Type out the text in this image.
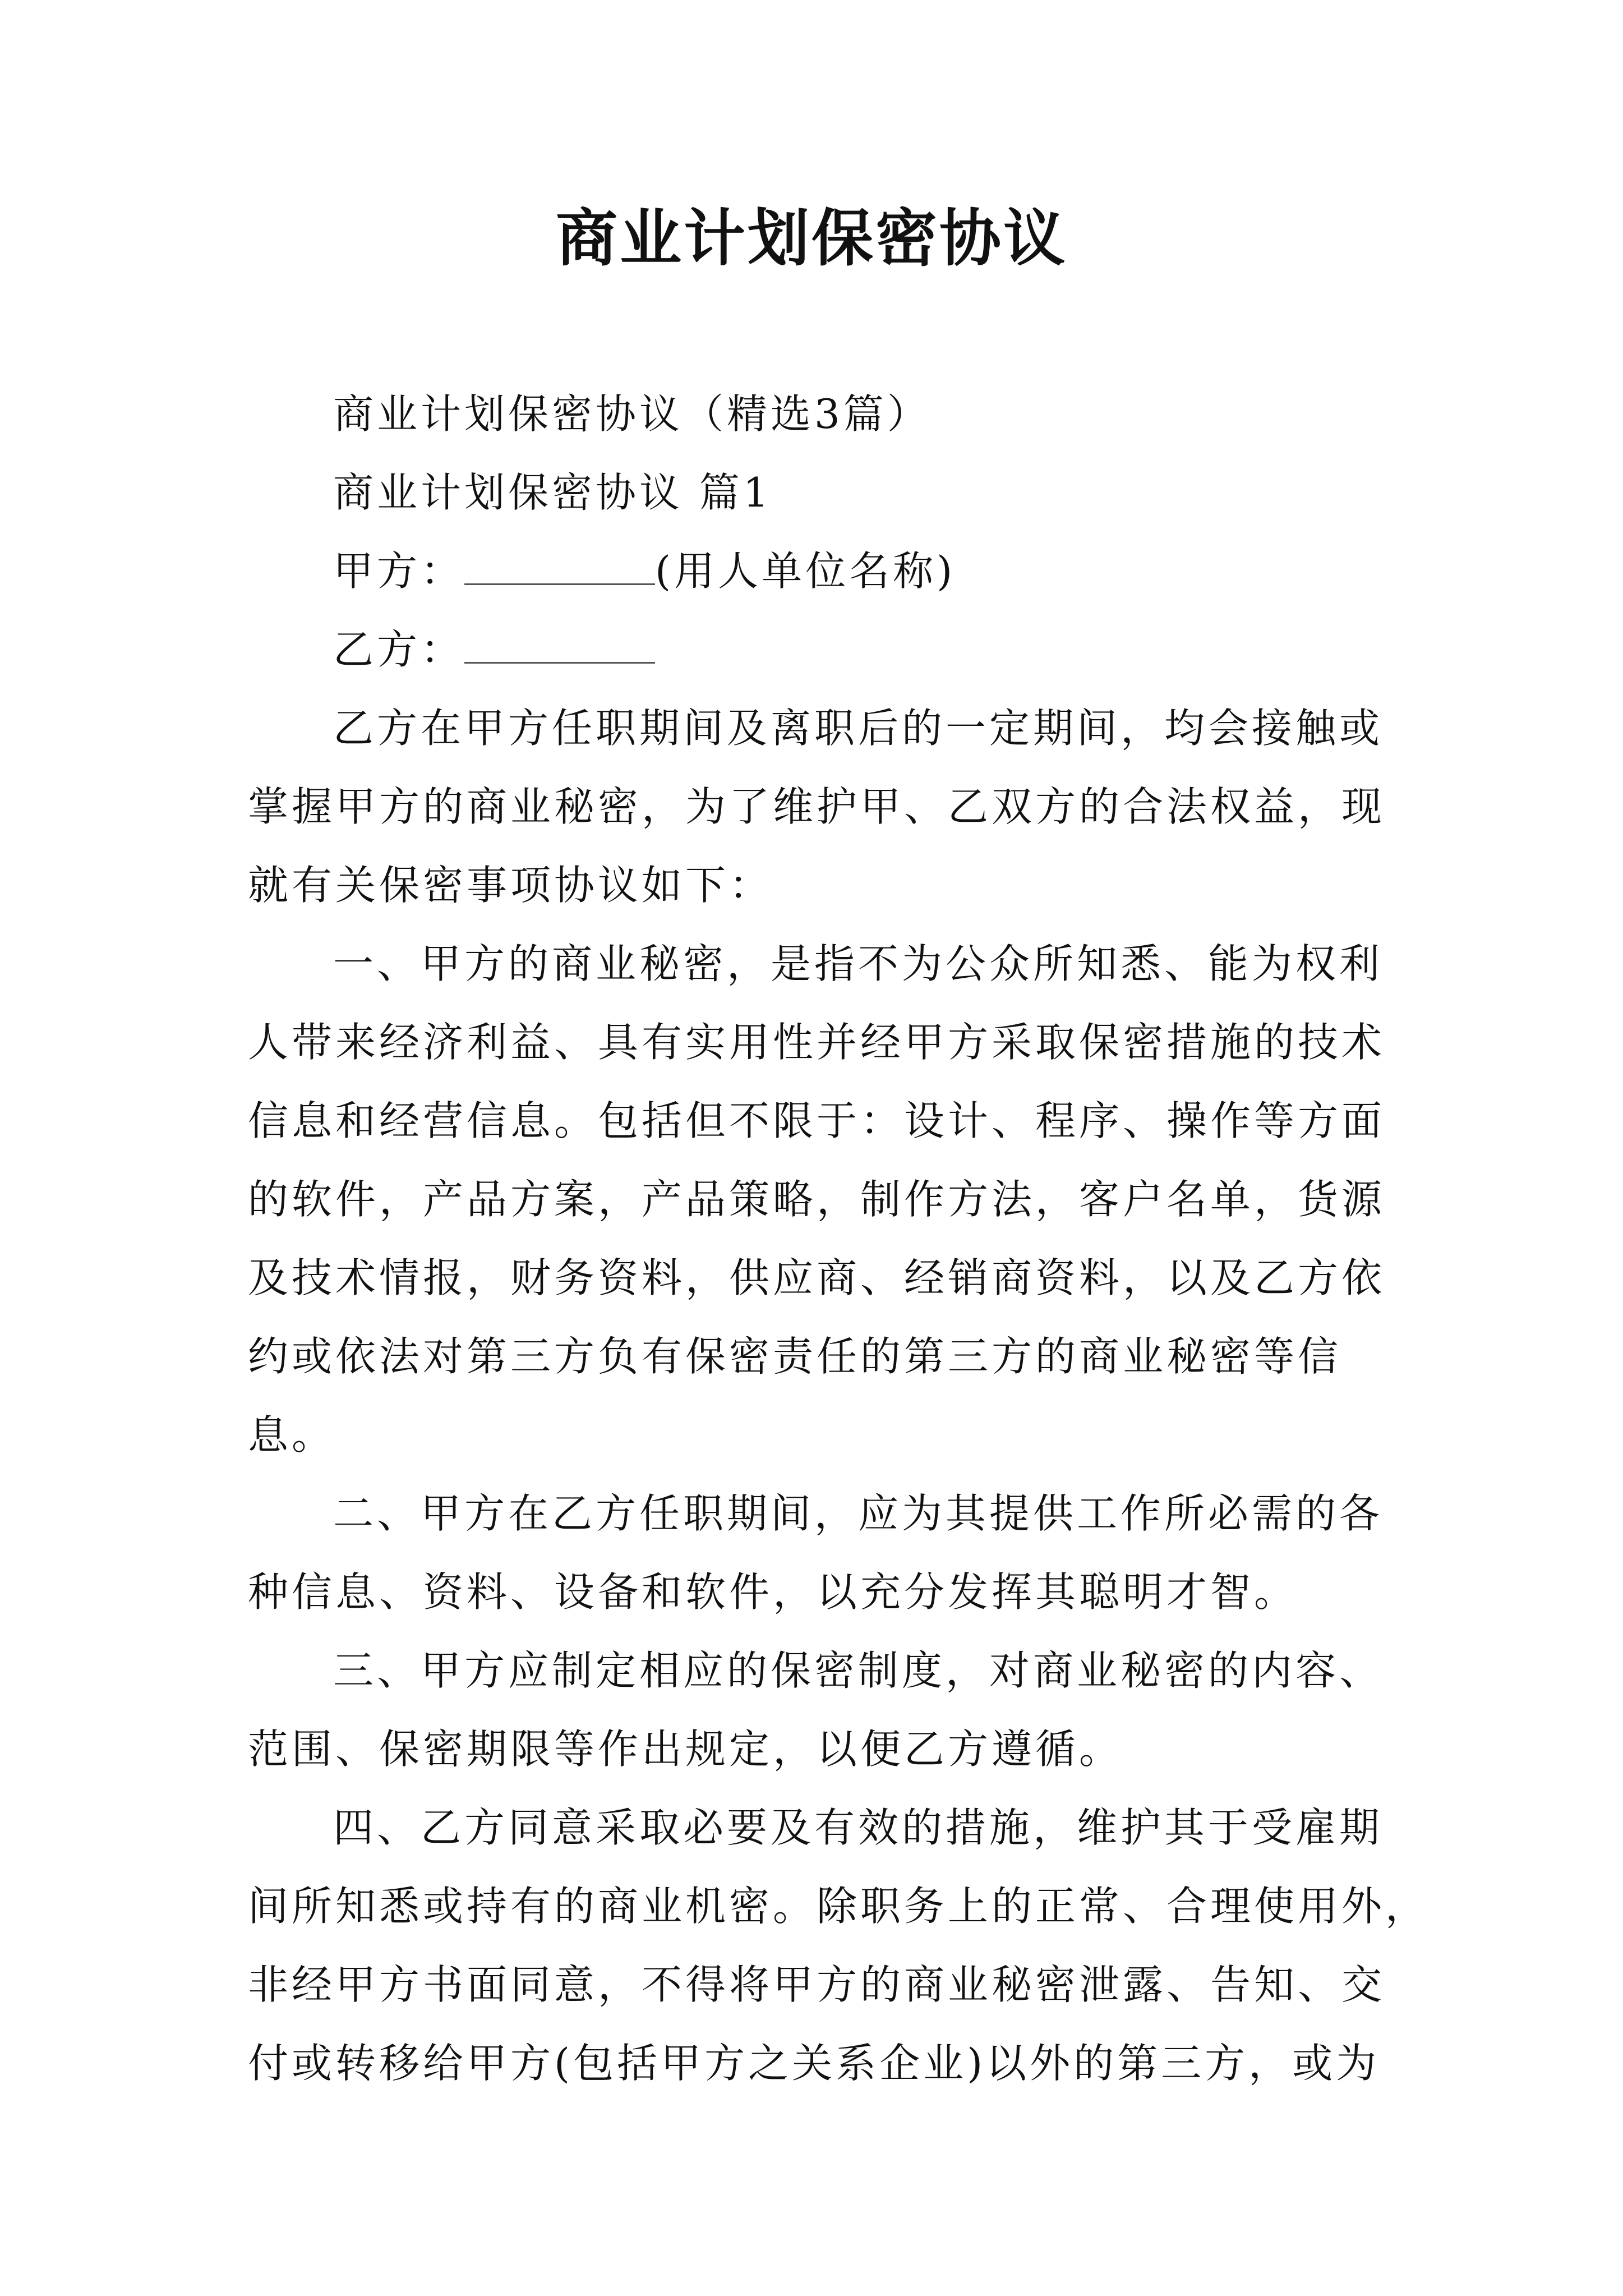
商业计划保密协议

商业计划保密协议（精选3篇）

商业计划保密协议 篇1

甲方：	(用人单位名称)

乙方：

乙方在甲方任职期间及离职后的一定期间，均会接触或

掌握甲方的商业秘密，为了维护甲、乙双方的合法权益，现

就有关保密事项协议如下：

一、甲方的商业秘密，是指不为公众所知悉、能为权利

人带来经济利益、具有实用性并经甲方采取保密措施的技术

信息和经营信息。包括但不限于：设计、程序、操作等方面

的软件，产品方案，产品策略，制作方法，客户名单，货源

及技术情报，财务资料，供应商、经销商资料，以及乙方依

约或依法对第三方负有保密责任的第三方的商业秘密等信

息。

二、甲方在乙方任职期间，应为其提供工作所必需的各

种信息、资料、设备和软件，以充分发挥其聪明才智。

三、甲方应制定相应的保密制度，对商业秘密的内容、

范围、保密期限等作出规定，以便乙方遵循。

四、乙方同意采取必要及有效的措施，维护其于受雇期

间所知悉或持有的商业机密。除职务上的正常、合理使用外，

非经甲方书面同意，不得将甲方的商业秘密泄露、告知、交

付或转移给甲方(包括甲方之关系企业)以外的第三方，或为
